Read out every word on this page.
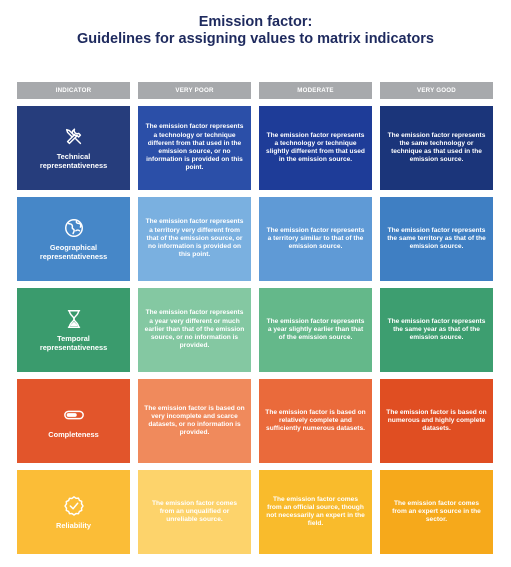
Emission factor:
Guidelines for assigning values to matrix indicators
INDICATOR	VERY POOR	MODERATE	VERY GOOD
Technical representativeness
The emission factor represents a technology or technique different from that used in the emission source, or no information is provided on this point.
The emission factor represents a technology or technique slightly different from that used in the emission source.
The emission factor represents the same technology or technique as that used in the emission source.
Geographical representativeness
The emission factor represents a territory very different from that of the emission source, or no information is provided on this point.
The emission factor represents a territory similar to that of the emission source.
The emission factor represents the same territory as that of the emission source.
Temporal representativeness
The emission factor represents a year very different or much earlier than that of the emission source, or no information is provided.
The emission factor represents a year slightly earlier than that of the emission source.
The emission factor represents the same year as that of the emission source.
Completeness
The emission factor is based on very incomplete and scarce datasets, or no information is provided.
The emission factor is based on relatively complete and sufficiently numerous datasets.
The emission factor is based on numerous and highly complete datasets.
Reliability
The emission factor comes from an unqualified or unreliable source.
The emission factor comes from an official source, though not necessarily an expert in the field.
The emission factor comes from an expert source in the sector.
